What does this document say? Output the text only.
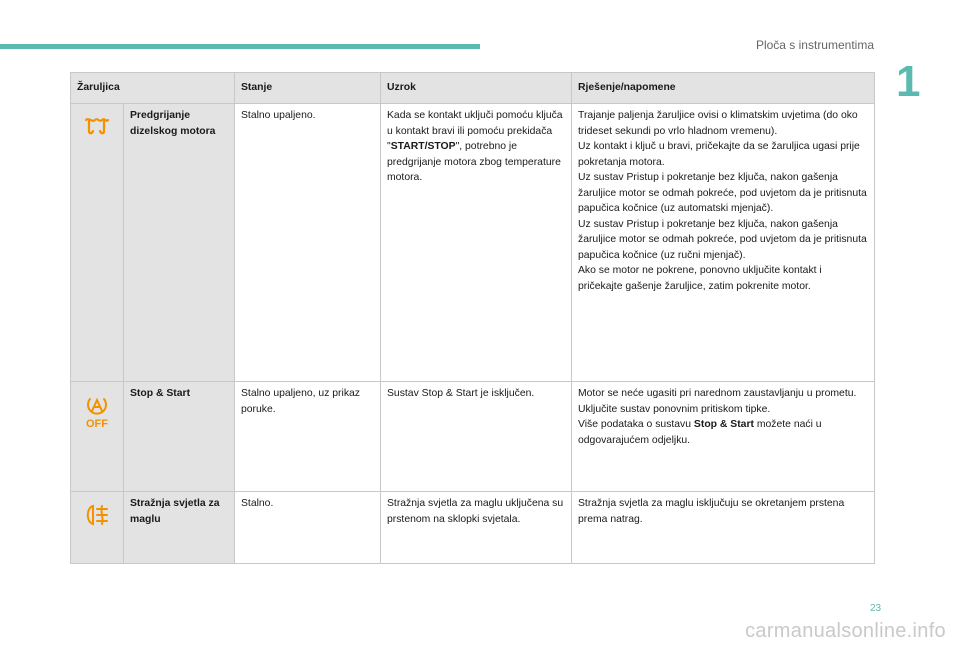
Ploča s instrumentima
1
Žaruljica		Stanje	Uzrok	Rješenje/napomene
	Predgrijanje dizelskog motora	Stalno upaljeno.	Kada se kontakt uključi pomoću ključa u kontakt bravi ili pomoću prekidača "START/STOP", potrebno je predgrijanje motora zbog temperature motora.	Trajanje paljenja žaruljice ovisi o klimatskim uvjetima (do oko trideset sekundi po vrlo hladnom vremenu).
Uz kontakt i ključ u bravi, pričekajte da se žaruljica ugasi prije pokretanja motora.
Uz sustav Pristup i pokretanje bez ključa, nakon gašenja žaruljice motor se odmah pokreće, pod uvjetom da je pritisnuta papučica kočnice (uz automatski mjenjač).
Uz sustav Pristup i pokretanje bez ključa, nakon gašenja žaruljice motor se odmah pokreće, pod uvjetom da je pritisnuta papučica kočnice (uz ručni mjenjač).
Ako se motor ne pokrene, ponovno uključite kontakt i pričekajte gašenje žaruljice, zatim pokrenite motor.

OFF	Stop & Start	Stalno upaljeno, uz prikaz poruke.	Sustav Stop & Start je isključen.	Motor se neće ugasiti pri narednom zaustavljanju u prometu.
Uključite sustav ponovnim pritiskom tipke.
Više podataka o sustavu Stop & Start možete naći u odgovarajućem odjeljku.

	Stražnja svjetla za maglu	Stalno.	Stražnja svjetla za maglu uključena su prstenom na sklopki svjetala.	Stražnja svjetla za maglu isključuju se okretanjem prstena prema natrag.
23
carmanualsonline.info
